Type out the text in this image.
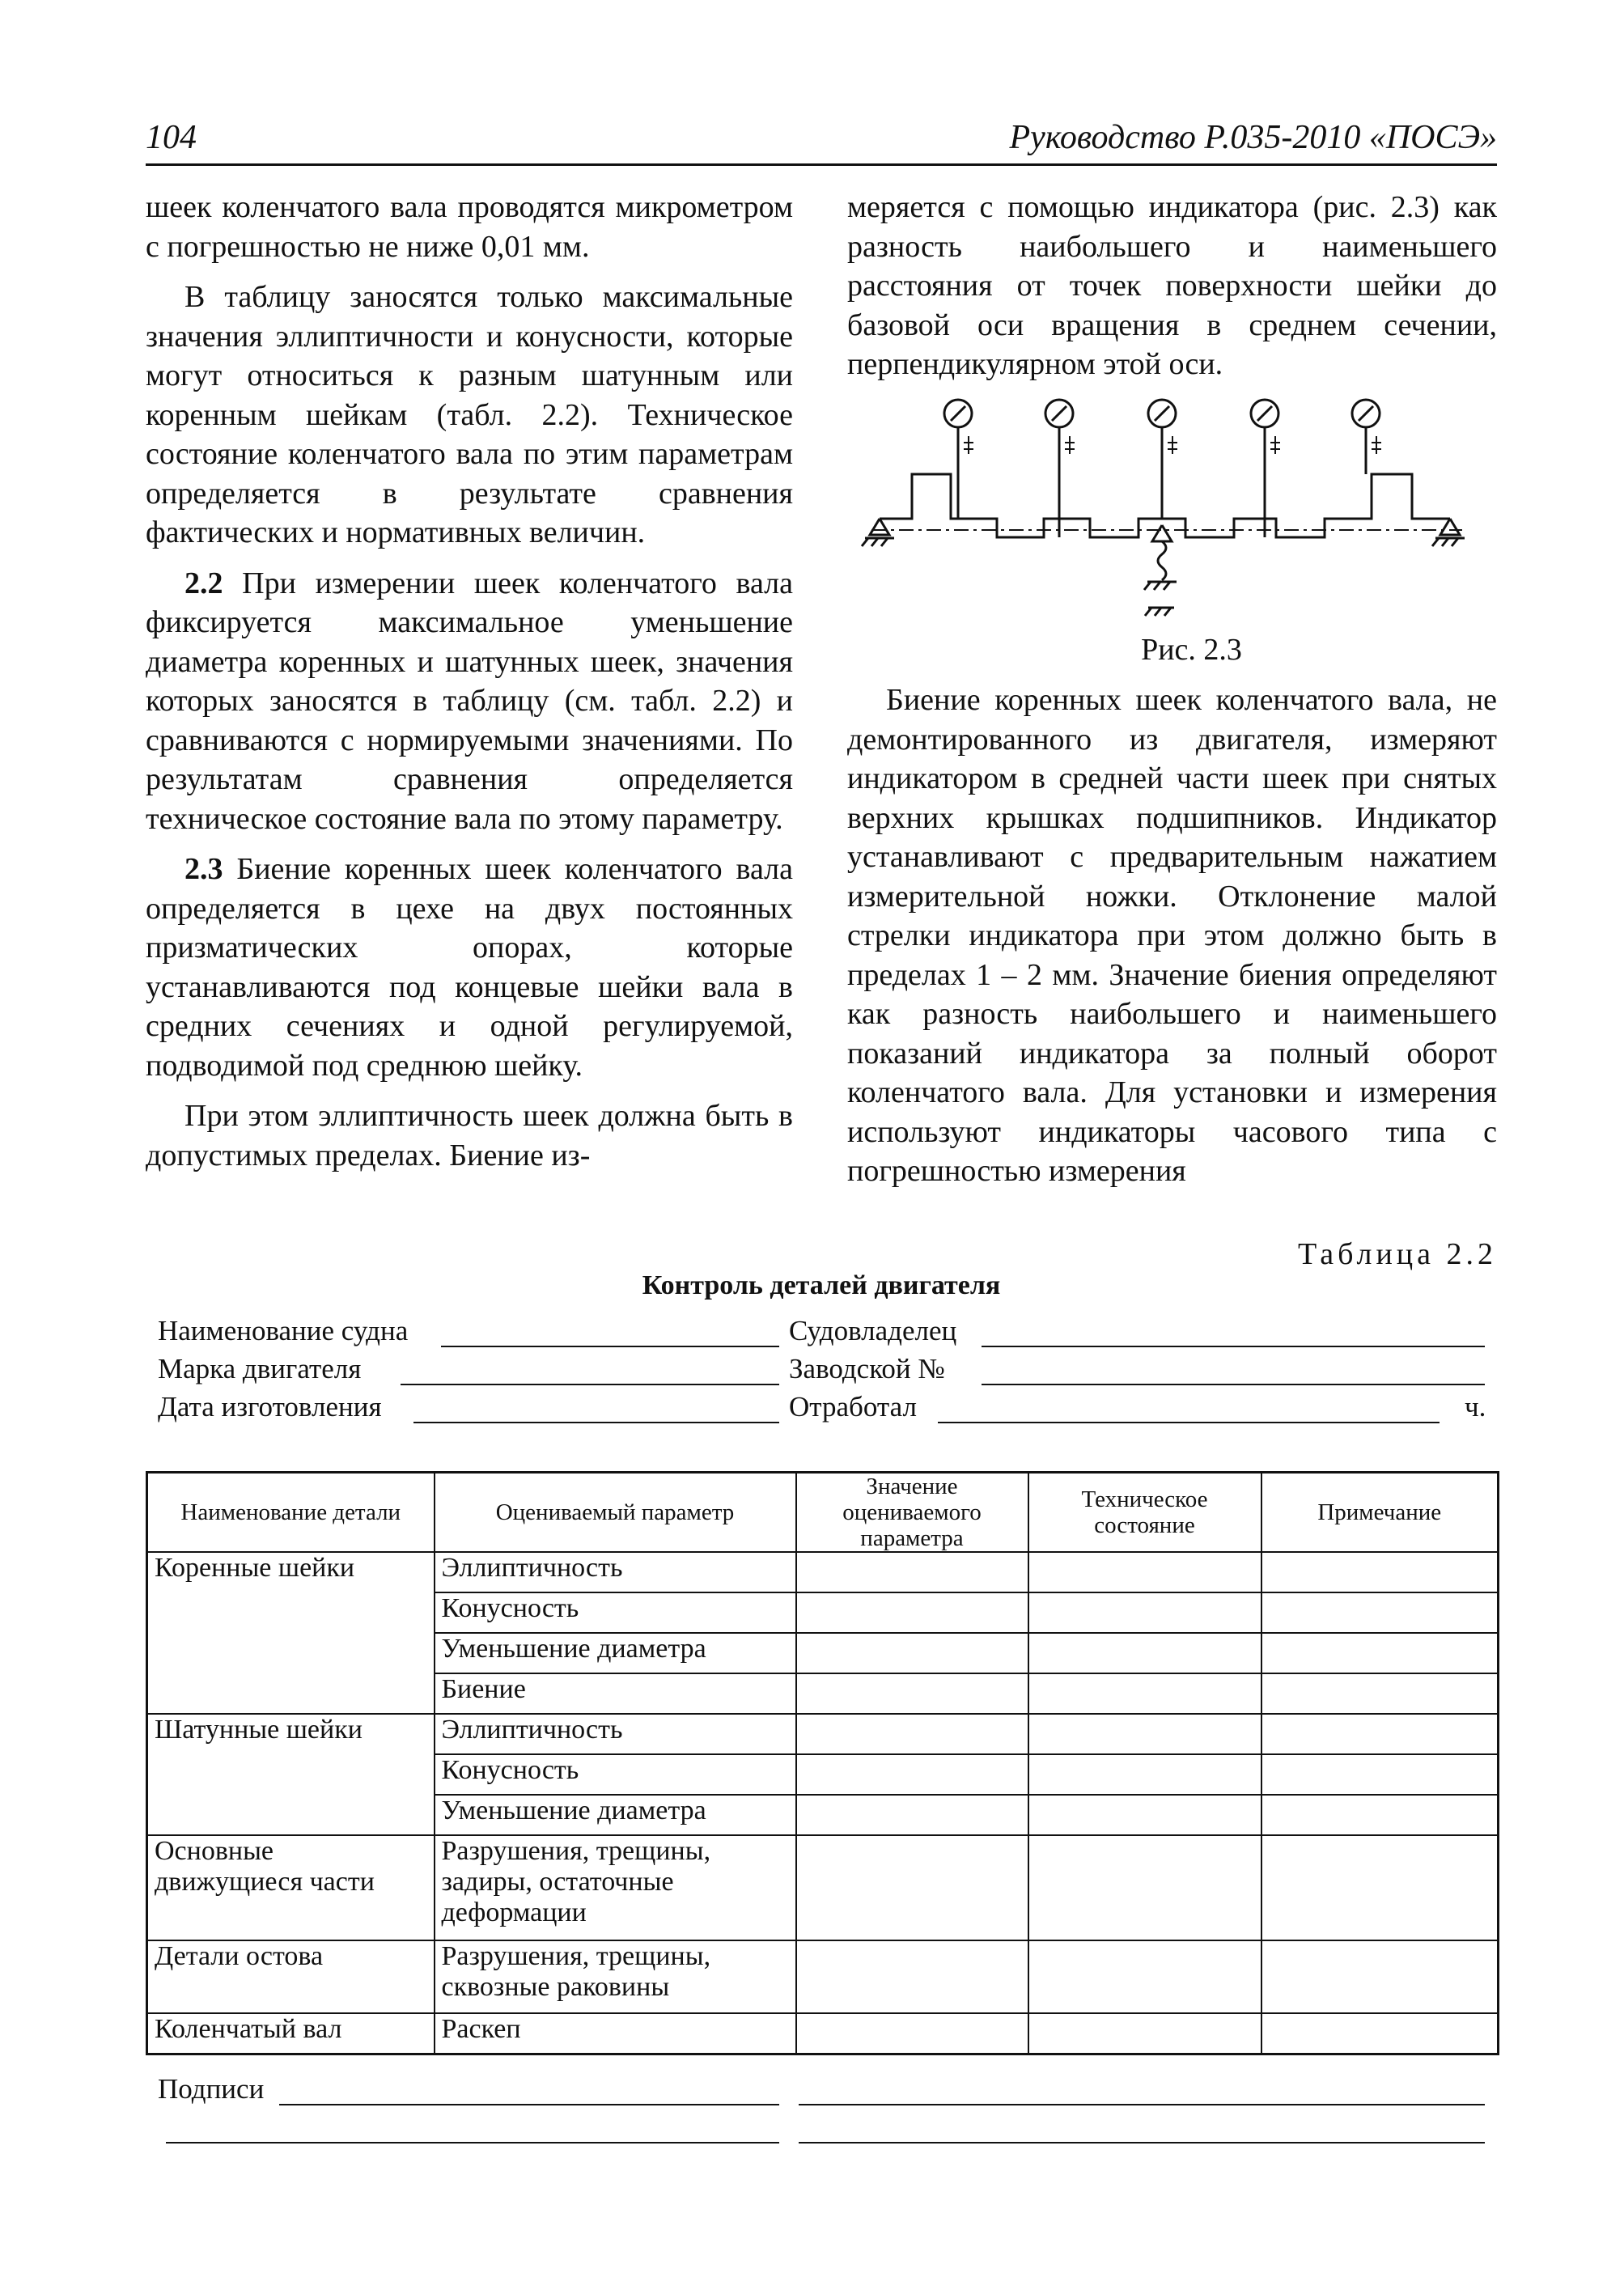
104	Руководство Р.035-2010 «ПОСЭ»

шеек коленчатого вала проводятся микрометром с погрешностью не ниже 0,01 мм.

В таблицу заносятся только максимальные значения эллиптичности и конусности, которые могут относиться к разным шатунным или коренным шейкам (табл. 2.2). Техническое состояние коленчатого вала по этим параметрам определяется в результате сравнения фактических и нормативных величин.

2.2 При измерении шеек коленчатого вала фиксируется максимальное уменьшение диаметра коренных и шатунных шеек, значения которых заносятся в таблицу (см. табл. 2.2) и сравниваются с нормируемыми значениями. По результатам сравнения определяется техническое состояние вала по этому параметру.

2.3 Биение коренных шеек коленчатого вала определяется в цехе на двух постоянных призматических опорах, которые устанавливаются под концевые шейки вала в средних сечениях и одной регулируемой, подводимой под среднюю шейку.

При этом эллиптичность шеек должна быть в допустимых пределах. Биение из-

меряется с помощью индикатора (рис. 2.3) как разность наибольшего и наименьшего расстояния от точек поверхности шейки до базовой оси вращения в среднем сечении, перпендикулярном этой оси.

Рис. 2.3

Биение коренных шеек коленчатого вала, не демонтированного из двигателя, измеряют индикатором в средней части шеек при снятых верхних крышках подшипников. Индикатор устанавливают с предварительным нажатием измерительной ножки. Отклонение малой стрелки индикатора при этом должно быть в пределах 1 – 2 мм. Значение биения определяют как разность наибольшего и наименьшего показаний индикатора за полный оборот коленчатого вала. Для установки и измерения используют индикаторы часового типа с погрешностью измерения

Таблица 2.2
Контроль деталей двигателя
Наименование судна	Судовладелец
Марка двигателя	Заводской №
Дата изготовления	Отработал	ч.
Наименование детали	Оцениваемый параметр	Значение оцениваемого параметра	Техническое состояние	Примечание
Коренные шейки	Эллиптичность			
	Конусность			
	Уменьшение диаметра			
	Биение			
Шатунные шейки	Эллиптичность			
	Конусность			
	Уменьшение диаметра			
Основные движущиеся части	Разрушения, трещины, задиры, остаточные деформации			
Детали остова	Разрушения, трещины, сквозные раковины			
Коленчатый вал	Раскеп			
Подписи
